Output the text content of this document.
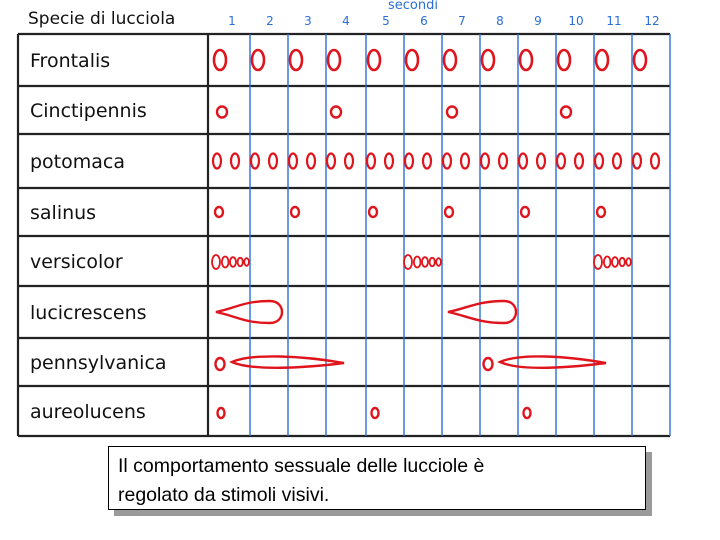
Specie di lucciola
secondi
1	2	3	4	5	6	7	8	9 10 11 12
Frontalis
Cinctipennis
potomaca
salinus
versicolor
lucicrescens
pennsylvanica
aureolucens
Il comportamento sessuale delle lucciole è
regolato da stimoli visivi.
